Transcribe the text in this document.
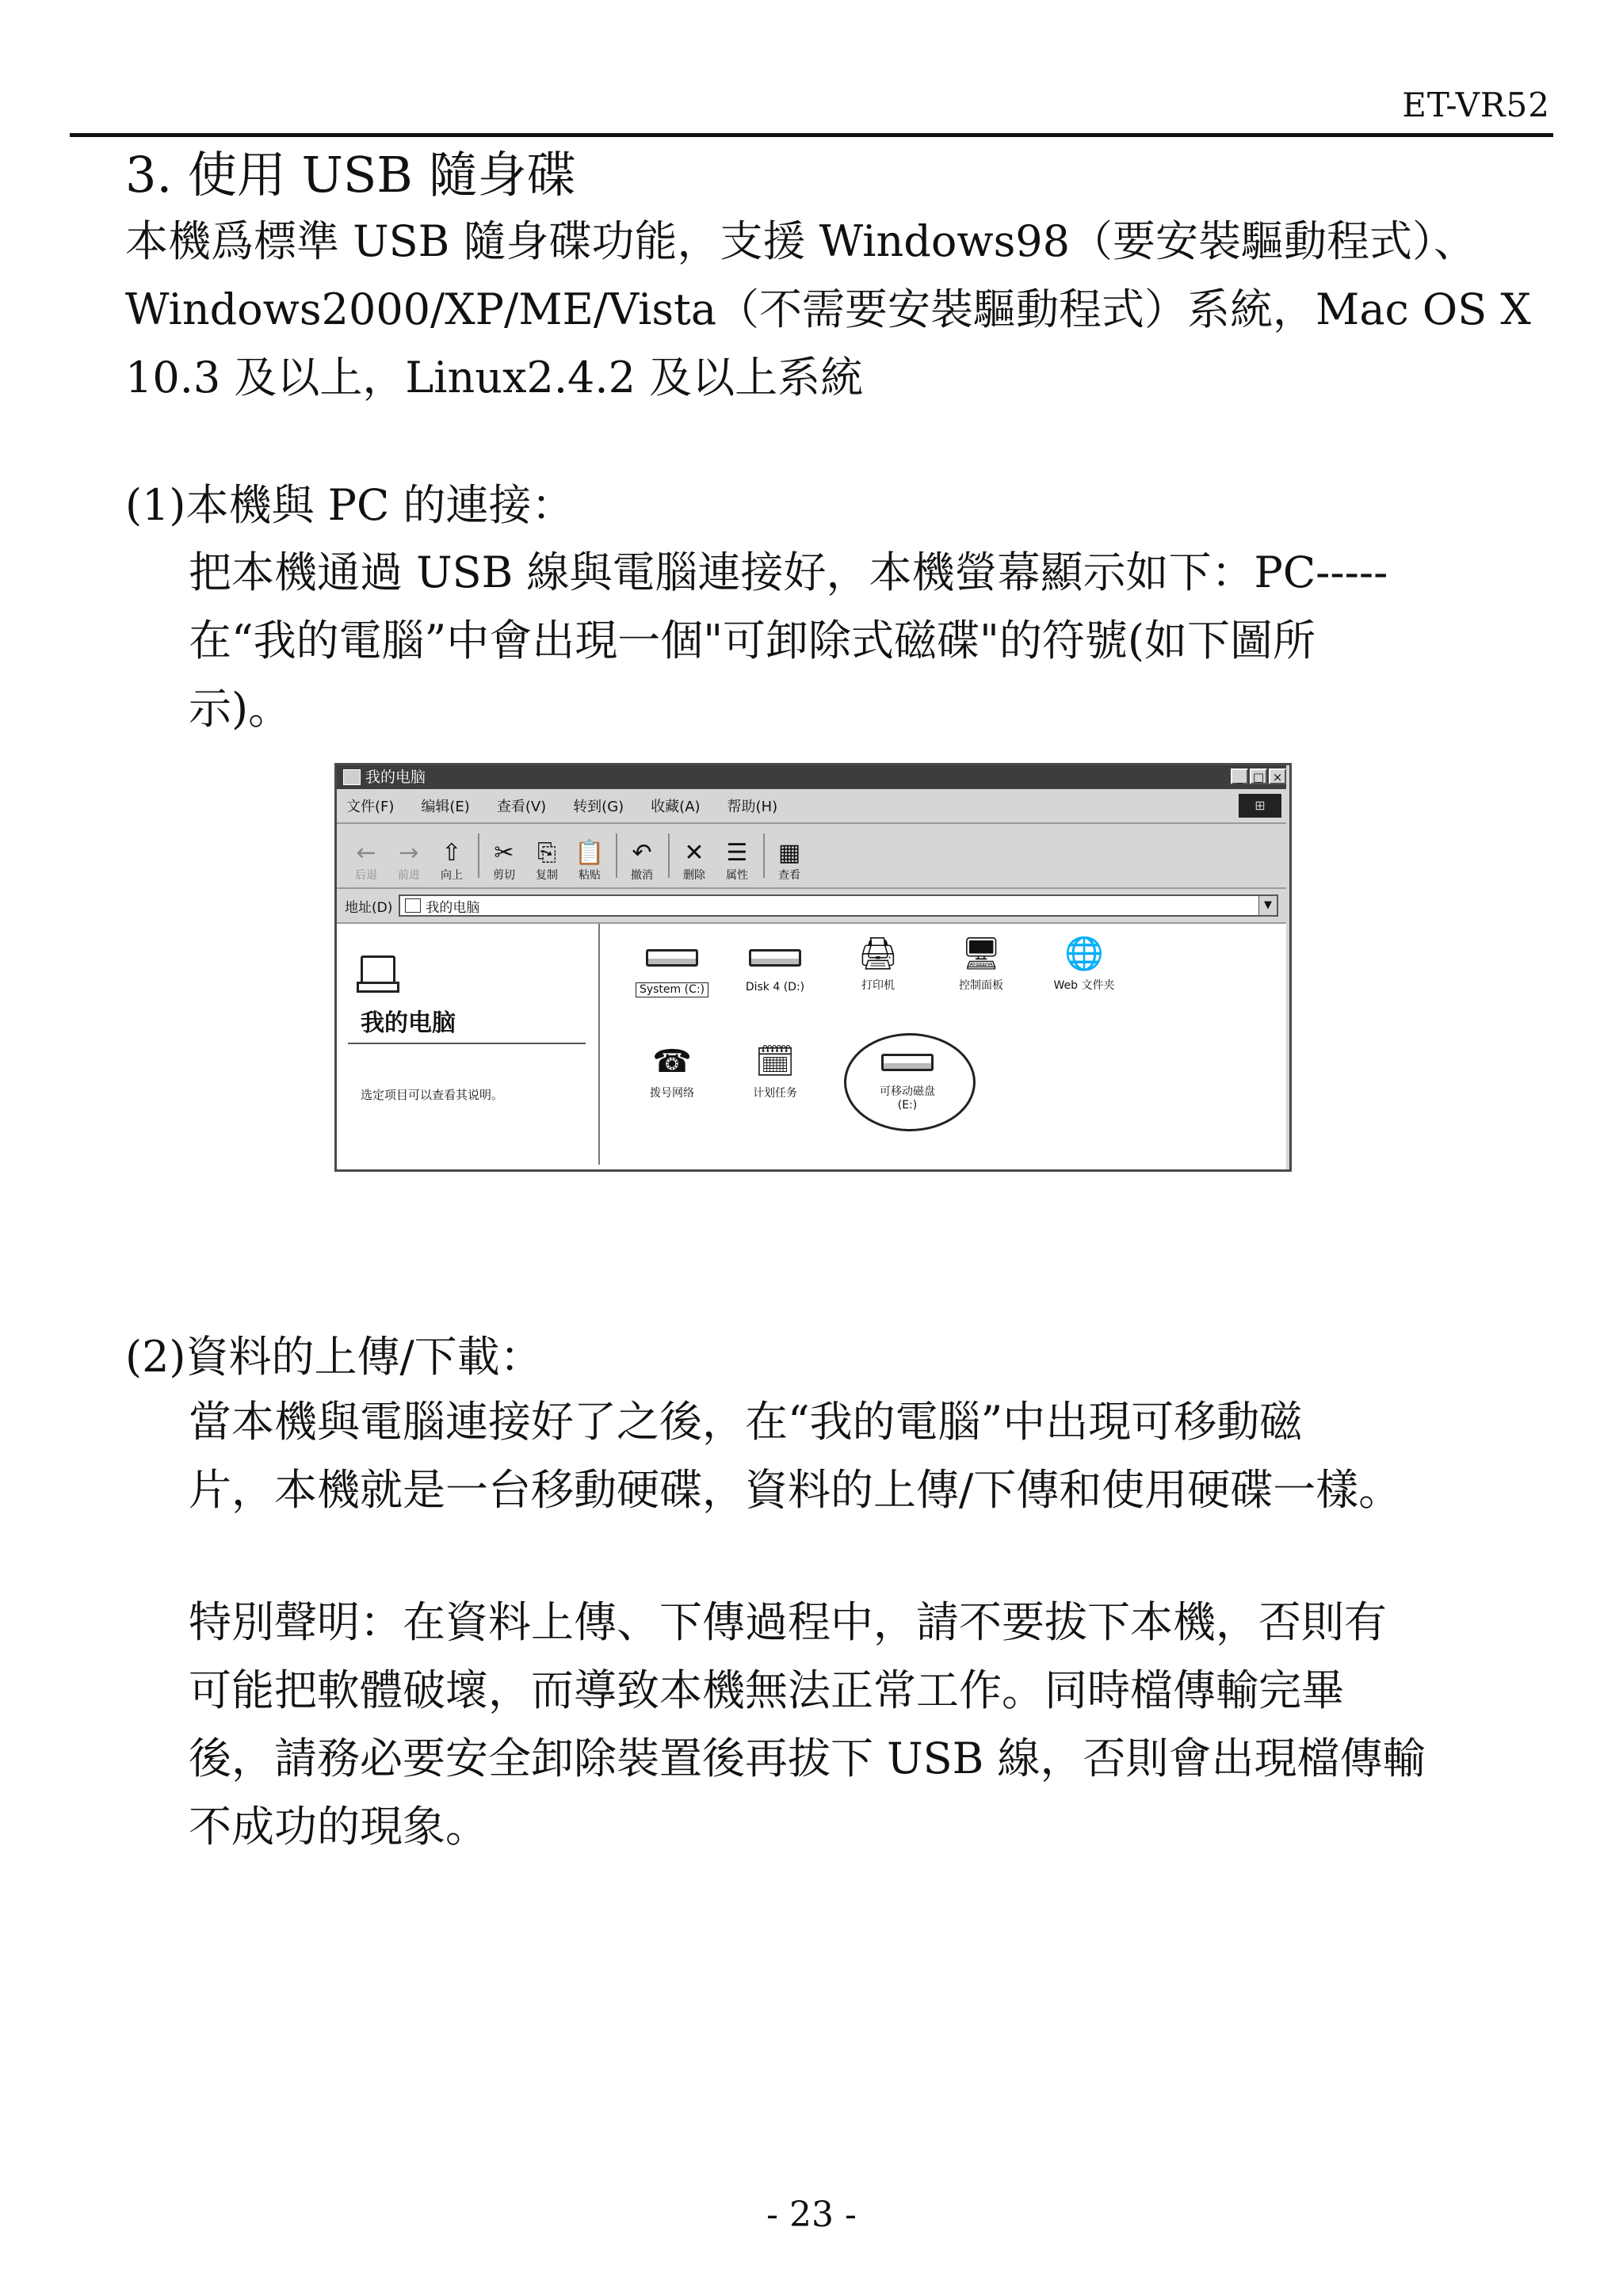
ET-VR52
3. 使用 USB 隨身碟
本機爲標準 USB 隨身碟功能，支援 Windows98（要安裝驅動程式）、
Windows2000/XP/ME/Vista（不需要安裝驅動程式）系統，Mac OS X
10.3 及以上，Linux2.4.2 及以上系統
(1)本機與 PC 的連接：
把本機通過 USB 線與電腦連接好，本機螢幕顯示如下：PC-----
在“我的電腦”中會出現一個"可卸除式磁碟"的符號(如下圖所
示)。
我的电脑	_ □ ×
文件(F) 编辑(E) 查看(V) 转到(G) 收藏(A) 帮助(H)	⊞
←
后退
→
前进
⇧
向上
✂
剪切
⎘
复制
📋
粘贴
↶
撤消
✕
删除
☰
属性
▦
查看
地址(D) 我的电脑	▼
我的电脑
选定项目可以查看其说明。
System (C:)	Disk 4 (D:)
🖨
打印机
🖥
控制面板
🌐
Web 文件夹
☎
拨号网络
🗓
计划任务	可移动磁盘
(E:)
(2)資料的上傳/下載：
當本機與電腦連接好了之後，在“我的電腦”中出現可移動磁
片，本機就是一台移動硬碟，資料的上傳/下傳和使用硬碟一樣。
特別聲明：在資料上傳、下傳過程中，請不要拔下本機，否則有
可能把軟體破壞，而導致本機無法正常工作。同時檔傳輸完畢
後，請務必要安全卸除裝置後再拔下 USB 線，否則會出現檔傳輸
不成功的現象。
- 23 -
